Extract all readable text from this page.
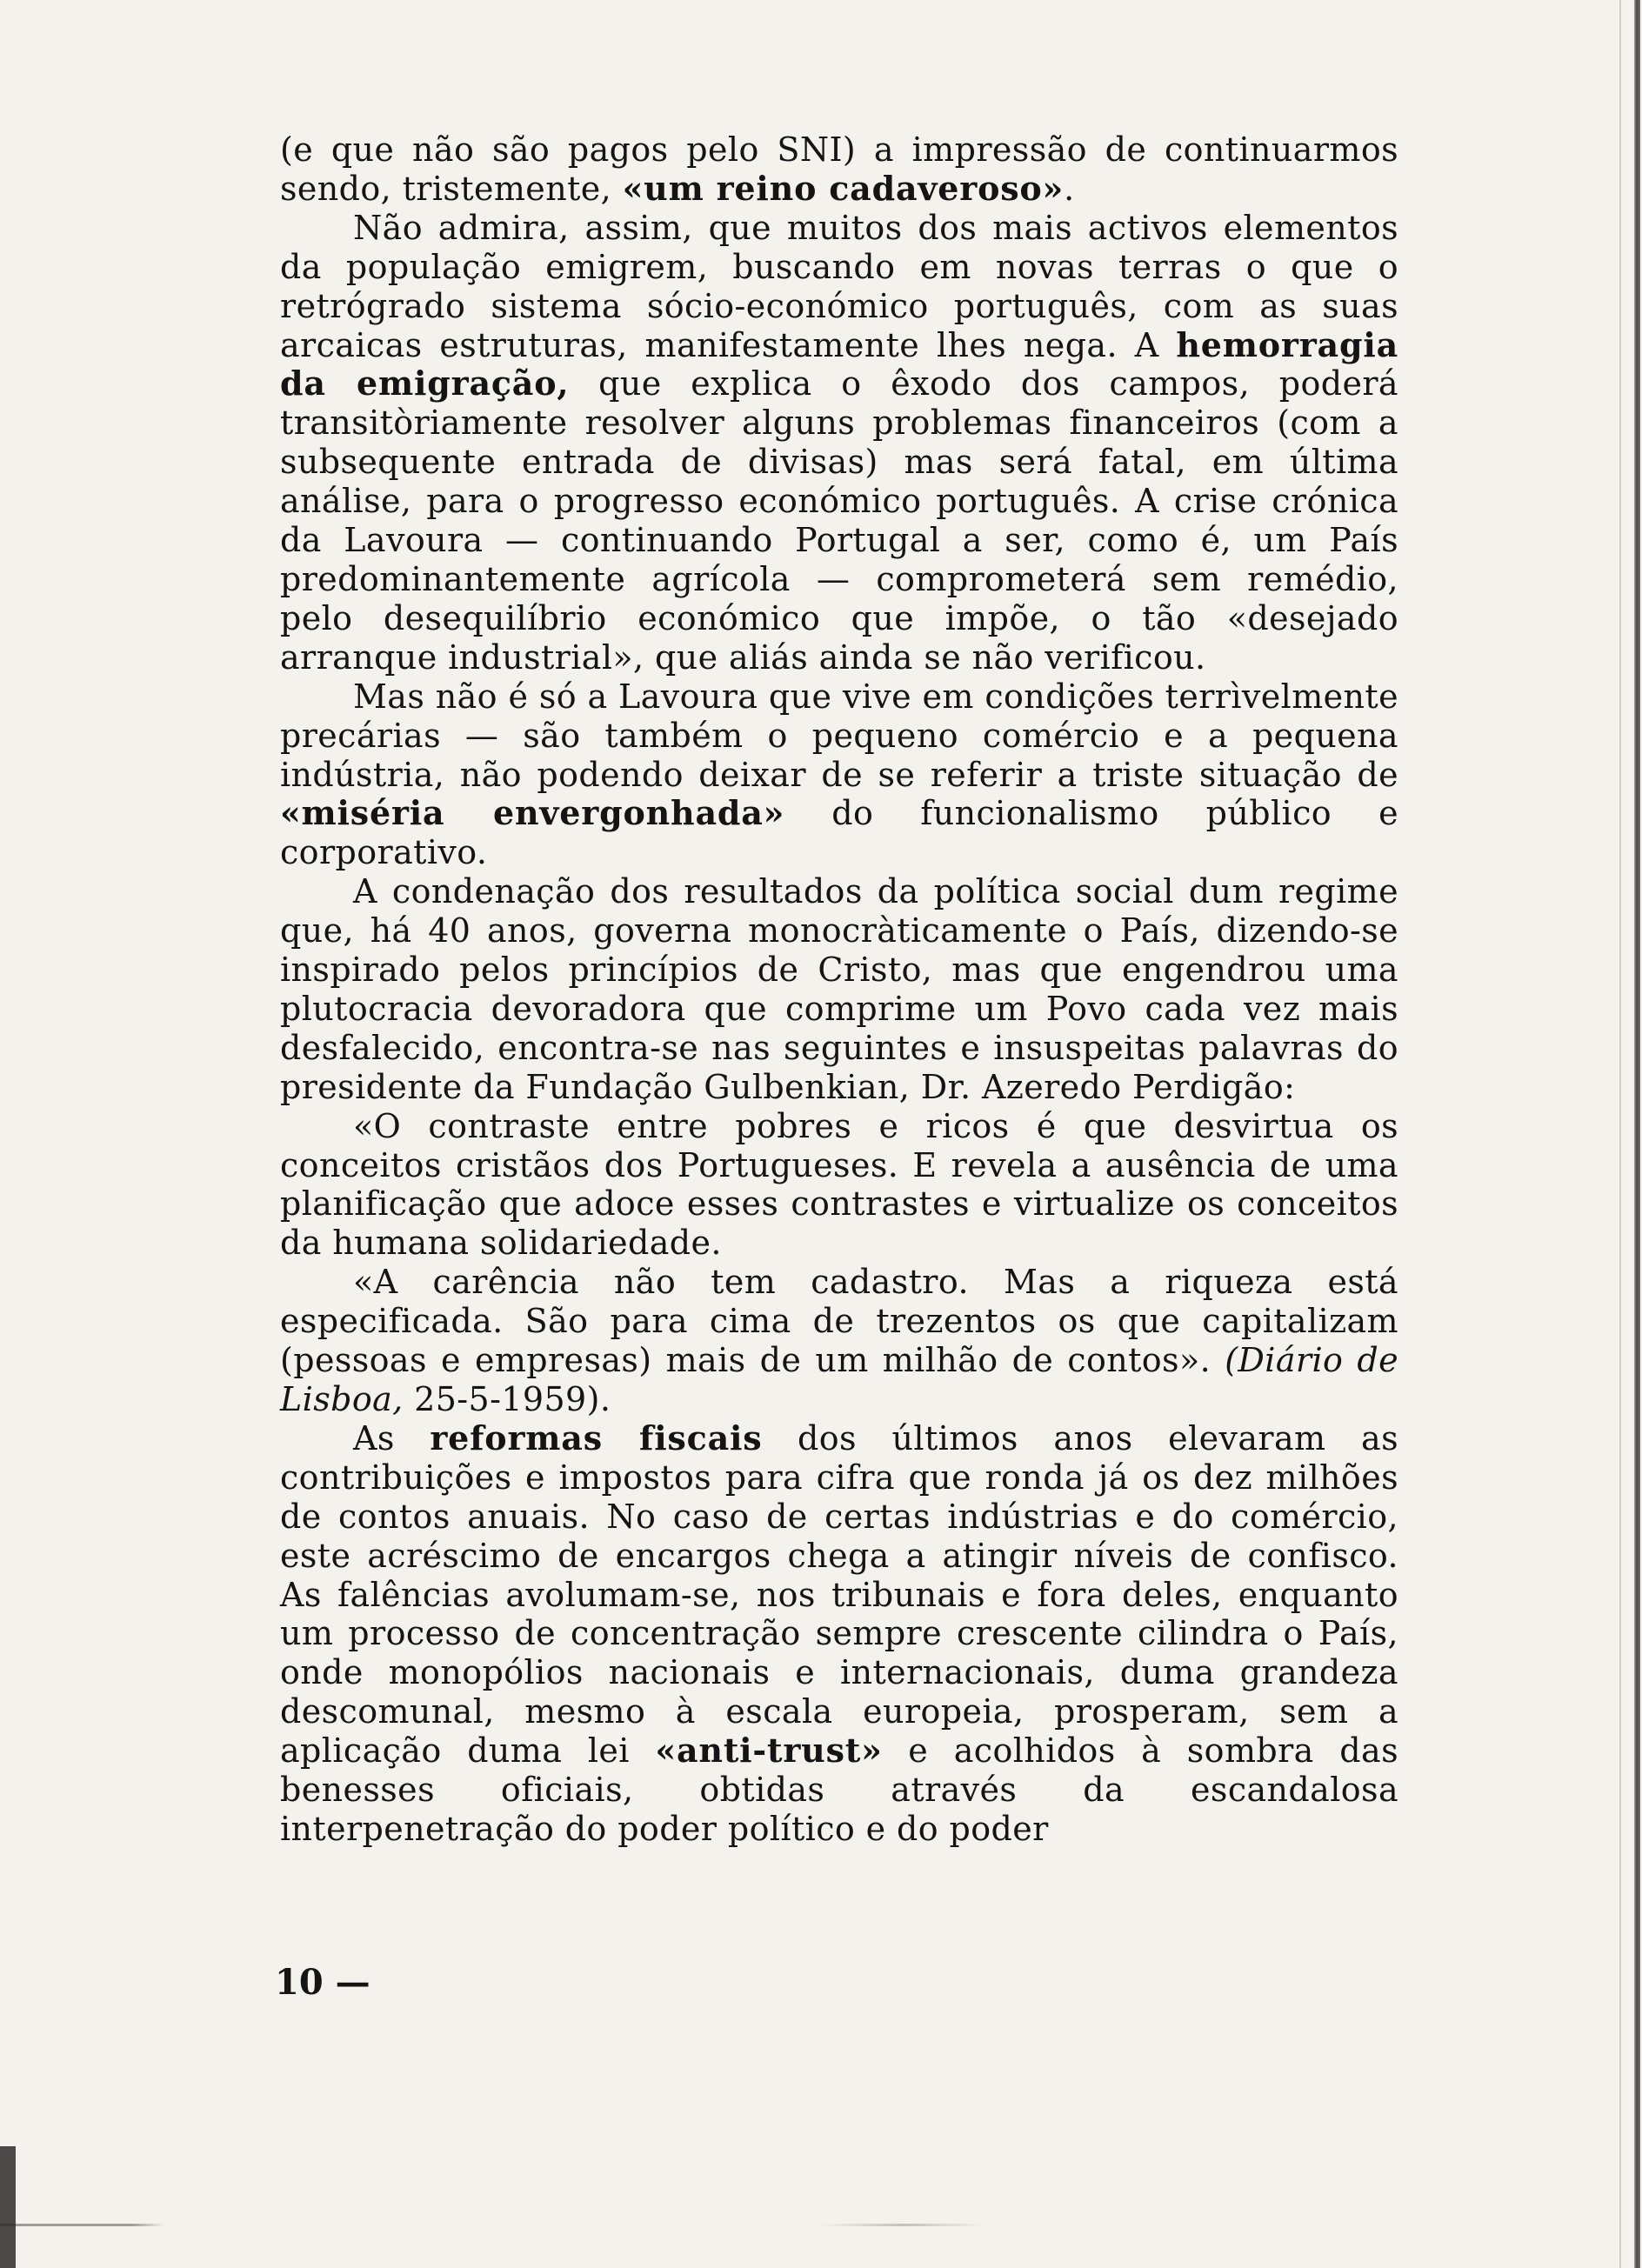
(e que não são pagos pelo SNI) a impressão de continuarmos sendo, tristemente, «um reino cadaveroso».

Não admira, assim, que muitos dos mais activos elementos da população emigrem, buscando em novas terras o que o retrógrado sistema sócio-económico português, com as suas arcaicas estruturas, manifestamente lhes nega. A hemorragia da emigração, que explica o êxodo dos campos, poderá transitòriamente resolver alguns problemas financeiros (com a subsequente entrada de divisas) mas será fatal, em última análise, para o progresso económico português. A crise crónica da Lavoura — continuando Portugal a ser, como é, um País predominantemente agrícola — comprometerá sem remédio, pelo desequilíbrio económico que impõe, o tão «desejado arranque industrial», que aliás ainda se não verificou.

Mas não é só a Lavoura que vive em condições terrìvelmente precárias — são também o pequeno comércio e a pequena indústria, não podendo deixar de se referir a triste situação de «miséria envergonhada» do funcionalismo público e corporativo.

A condenação dos resultados da política social dum regime que, há 40 anos, governa monocràticamente o País, dizendo-se inspirado pelos princípios de Cristo, mas que engendrou uma plutocracia devoradora que comprime um Povo cada vez mais desfalecido, encontra-se nas seguintes e insuspeitas palavras do presidente da Fundação Gulbenkian, Dr. Azeredo Perdigão:

«O contraste entre pobres e ricos é que desvirtua os conceitos cristãos dos Portugueses. E revela a ausência de uma planificação que adoce esses contrastes e virtualize os conceitos da humana solidariedade.

«A carência não tem cadastro. Mas a riqueza está especificada. São para cima de trezentos os que capitalizam (pessoas e empresas) mais de um milhão de contos». (Diário de Lisboa, 25-5-1959).

As reformas fiscais dos últimos anos elevaram as contribuições e impostos para cifra que ronda já os dez milhões de contos anuais. No caso de certas indústrias e do comércio, este acréscimo de encargos chega a atingir níveis de confisco. As falências avolumam-se, nos tribunais e fora deles, enquanto um processo de concentração sempre crescente cilindra o País, onde monopólios nacionais e internacionais, duma grandeza descomunal, mesmo à escala europeia, prosperam, sem a aplicação duma lei «anti-trust» e acolhidos à sombra das benesses oficiais, obtidas através da escandalosa interpenetração do poder político e do poder

10 —
